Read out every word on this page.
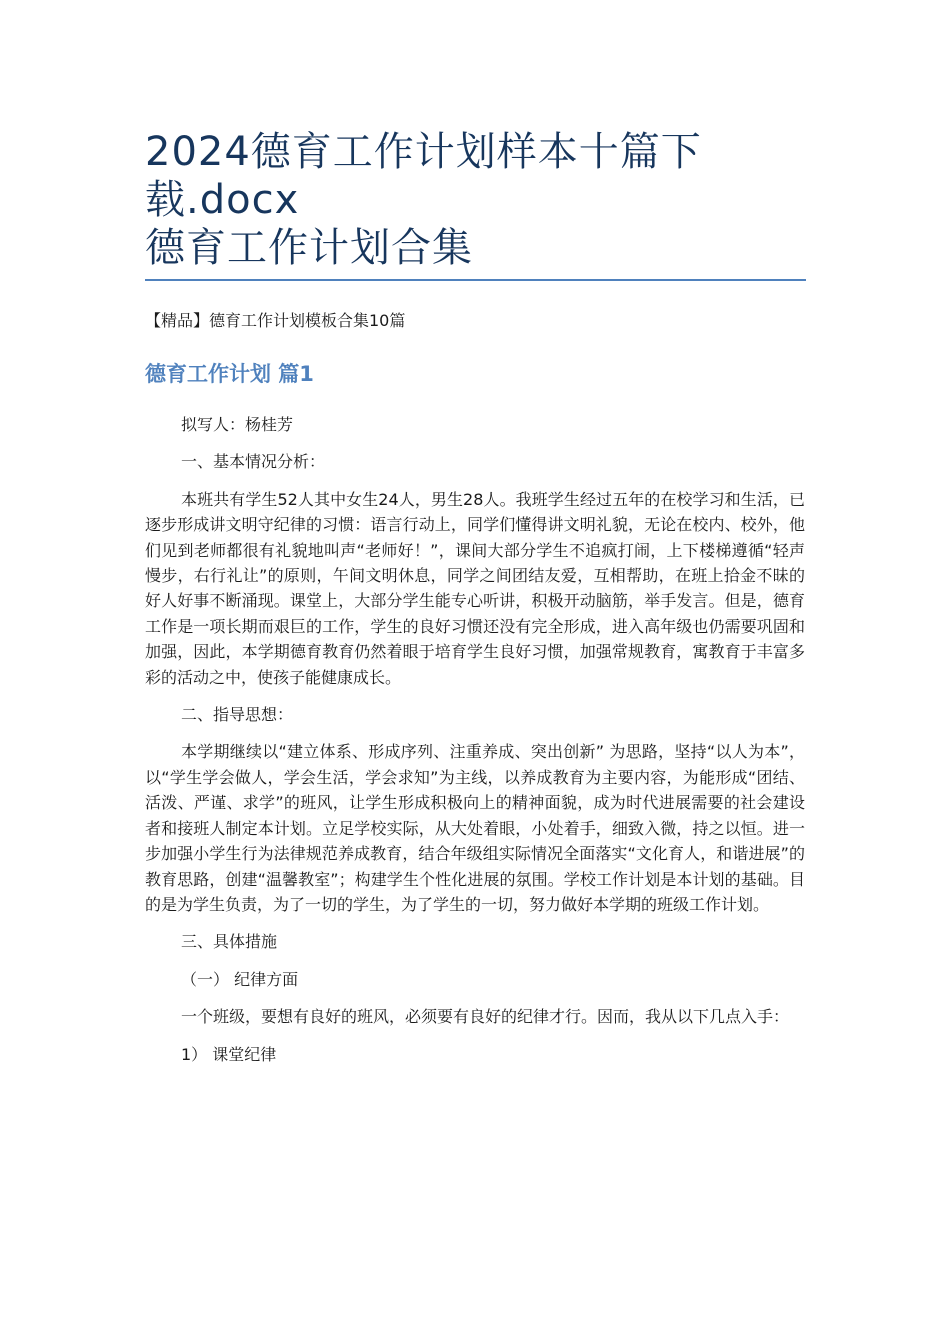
2024德育工作计划样本十篇下
载.docx
德育工作计划合集
【精品】德育工作计划模板合集10篇
德育工作计划 篇1

拟写人：杨桂芳

一、基本情况分析：

本班共有学生52人其中女生24人，男生28人。我班学生经过五年的在校学习和生活，已逐步形成讲文明守纪律的习惯：语言行动上，同学们懂得讲文明礼貌，无论在校内、校外，他们见到老师都很有礼貌地叫声“老师好！”，课间大部分学生不追疯打闹，上下楼梯遵循“轻声慢步，右行礼让”的原则，午间文明休息，同学之间团结友爱，互相帮助，在班上拾金不昧的好人好事不断涌现。课堂上，大部分学生能专心听讲，积极开动脑筋，举手发言。但是，德育工作是一项长期而艰巨的工作，学生的良好习惯还没有完全形成，进入高年级也仍需要巩固和加强，因此，本学期德育教育仍然着眼于培育学生良好习惯，加强常规教育，寓教育于丰富多彩的活动之中，使孩子能健康成长。

二、指导思想：

本学期继续以“建立体系、形成序列、注重养成、突出创新” 为思路，坚持“以人为本”，以“学生学会做人，学会生活，学会求知”为主线，以养成教育为主要内容，为能形成“团结、活泼、严谨、求学”的班风，让学生形成积极向上的精神面貌，成为时代进展需要的社会建设者和接班人制定本计划。立足学校实际，从大处着眼，小处着手，细致入微，持之以恒。进一步加强小学生行为法律规范养成教育，结合年级组实际情况全面落实“文化育人，和谐进展”的教育思路，创建“温馨教室”；构建学生个性化进展的氛围。学校工作计划是本计划的基础。目的是为学生负责，为了一切的学生，为了学生的一切，努力做好本学期的班级工作计划。

三、具体措施

（一） 纪律方面

一个班级，要想有良好的班风，必须要有良好的纪律才行。因而，我从以下几点入手：

1） 课堂纪律
